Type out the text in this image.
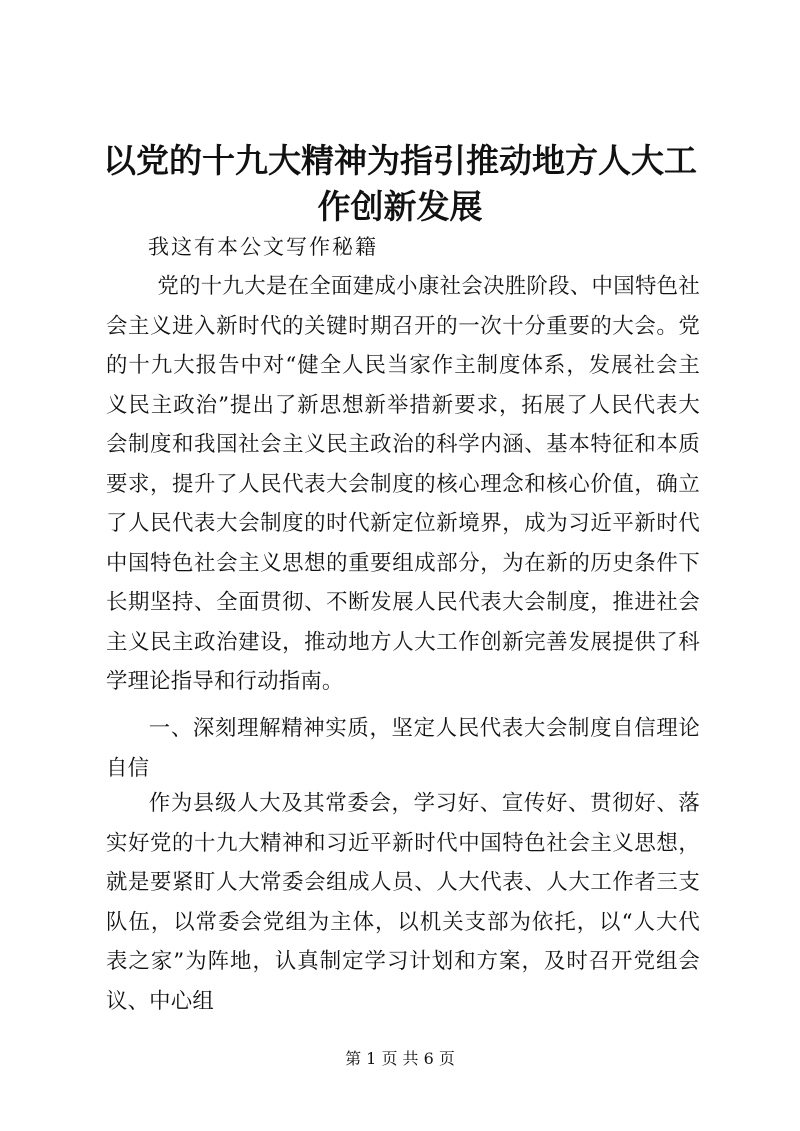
以党的十九大精神为指引推动地方人大工作创新发展

我这有本公文写作秘籍

党的十九大是在全面建成小康社会决胜阶段、中国特色社会主义进入新时代的关键时期召开的一次十分重要的大会。党的十九大报告中对“健全人民当家作主制度体系，发展社会主义民主政治”提出了新思想新举措新要求，拓展了人民代表大会制度和我国社会主义民主政治的科学内涵、基本特征和本质要求，提升了人民代表大会制度的核心理念和核心价值，确立了人民代表大会制度的时代新定位新境界，成为习近平新时代中国特色社会主义思想的重要组成部分，为在新的历史条件下长期坚持、全面贯彻、不断发展人民代表大会制度，推进社会主义民主政治建设，推动地方人大工作创新完善发展提供了科学理论指导和行动指南。

一、深刻理解精神实质，坚定人民代表大会制度自信理论自信

作为县级人大及其常委会，学习好、宣传好、贯彻好、落实好党的十九大精神和习近平新时代中国特色社会主义思想，就是要紧盯人大常委会组成人员、人大代表、人大工作者三支队伍，以常委会党组为主体，以机关支部为依托，以“人大代表之家”为阵地，认真制定学习计划和方案，及时召开党组会议、中心组

第 1 页 共 6 页
